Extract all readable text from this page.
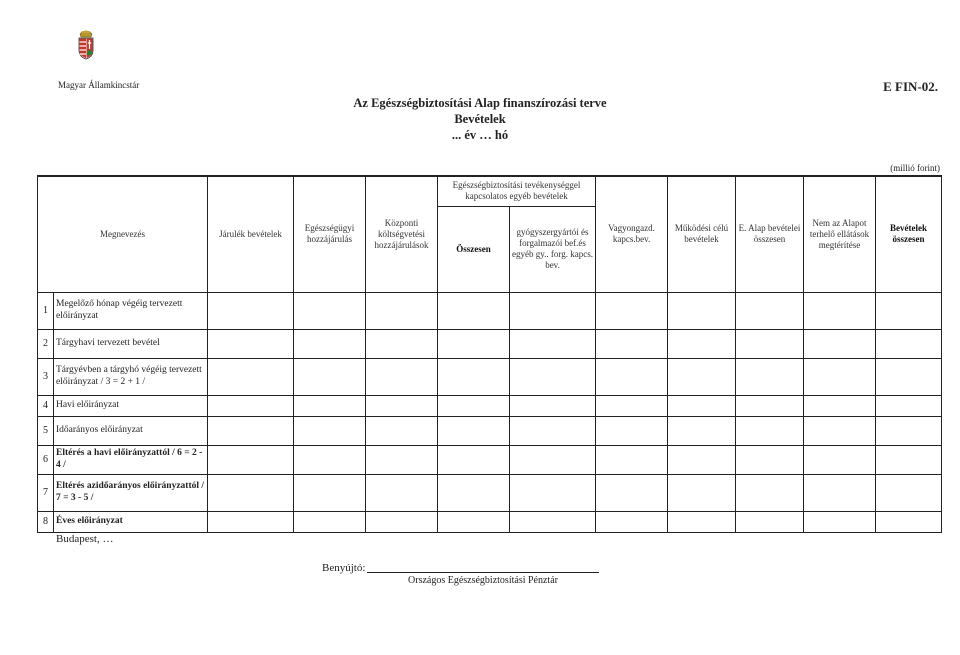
Magyar Államkincstár	E FIN-02.
Az Egészségbiztosítási Alap finanszírozási terve
Bevételek
... év … hó
(millió forint)
Megnevezés		Járulék bevételek	Egészségügyi hozzájárulás	Központi költségvetési hozzájárulások	Egészségbiztosítási tevékenységgel kapcsolatos egyéb bevételek		Vagyongazd. kapcs.bev.	Működési célú bevételek	E. Alap bevételei összesen	Nem az Alapot terhelő ellátások megtérítése	Bevételek összesen
					Összesen	gyógyszergyártói és forgalmazói bef.és egyéb gy.. forg. kapcs. bev.					
1	Megelőző hónap végéig tervezett előirányzat										
2	Tárgyhavi tervezett bevétel										
3	Tárgyévben a tárgyhó végéig tervezett előirányzat / 3 = 2 + 1 /										
4	Havi előirányzat										
5	Időarányos előirányzat										
6	Eltérés a havi előirányzattól / 6 = 2 - 4 /										
7	Eltérés azidőarányos előirányzattól / 7 = 3 - 5 /										
8	Éves előirányzat										
Budapest, …
Benyújtó:
Országos Egészségbiztosítási Pénztár
